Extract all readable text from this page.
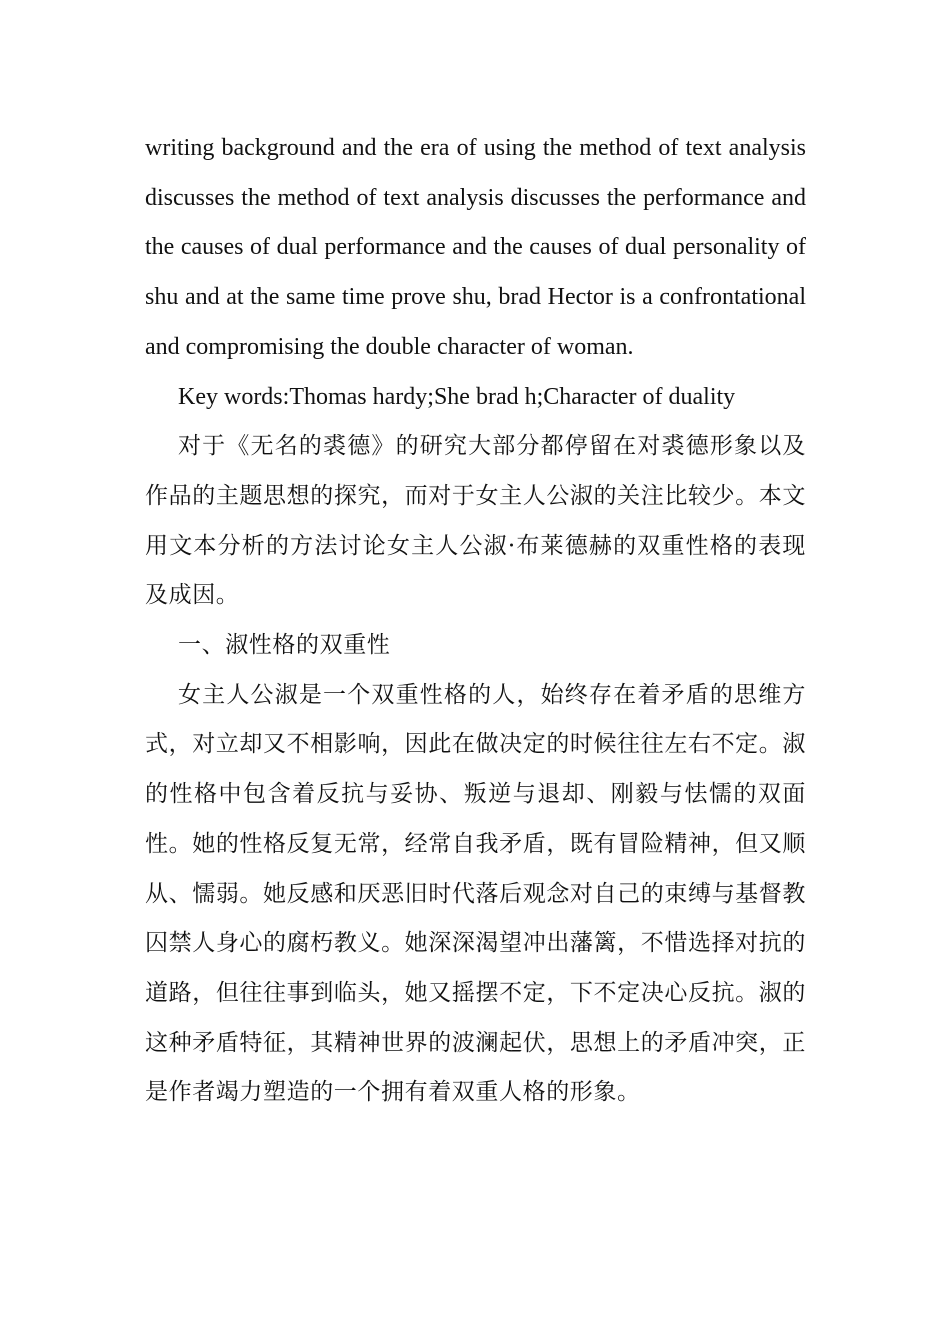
writing background and the era of using the method of text analysis discusses the method of text analysis discusses the performance and the causes of dual performance and the causes of dual personality of shu and at the same time prove shu, brad Hector is a confrontational and compromising the double character of woman.

Key words:Thomas hardy;She brad h;Character of duality

对于《无名的裘德》的研究大部分都停留在对裘德形象以及作品的主题思想的探究，而对于女主人公淑的关注比较少。本文用文本分析的方法讨论女主人公淑·布莱德赫的双重性格的表现及成因。

一、淑性格的双重性

女主人公淑是一个双重性格的人，始终存在着矛盾的思维方式，对立却又不相影响，因此在做决定的时候往往左右不定。淑的性格中包含着反抗与妥协、叛逆与退却、刚毅与怯懦的双面性。她的性格反复无常，经常自我矛盾，既有冒险精神，但又顺从、懦弱。她反感和厌恶旧时代落后观念对自己的束缚与基督教囚禁人身心的腐朽教义。她深深渴望冲出藩篱，不惜选择对抗的道路，但往往事到临头，她又摇摆不定，下不定决心反抗。淑的这种矛盾特征，其精神世界的波澜起伏，思想上的矛盾冲突，正是作者竭力塑造的一个拥有着双重人格的形象。
